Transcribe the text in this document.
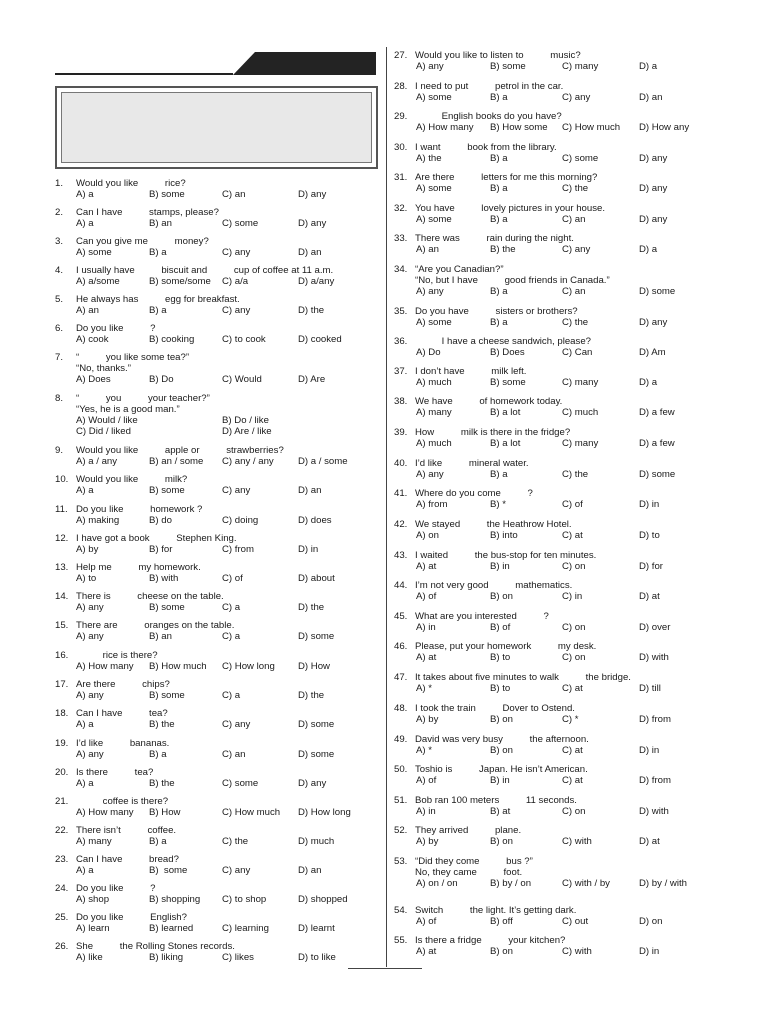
1. Would you like          rice?
A) a	B) some	C) an	D) any
2. Can I have          stamps, please?
A) a	B) an	C) some	D) any
3. Can you give me          money?
A) some	B) a	C) any	D) an
4. I usually have          biscuit and          cup of coffee at 11 a.m.
A) a/some	B) some/some C) a/a	D) a/any
5. He always has          egg for breakfast.
A) an	B) a	C) any	D) the
6. Do you like          ?
A) cook	B) cooking	C) to cook	D) cooked
7. “          you like some tea?”
“No, thanks.”
A) Does	B) Do	C) Would	D) Are
8. “          you          your teacher?”
“Yes, he is a good man.”
A) Would / like	B) Do / like
C) Did / liked	D) Are / like
9. Would you like          apple or          strawberries?
A) a / any	B) an / some C) any / any	D) a / some
10. Would you like          milk?
A) a	B) some	C) any	D) an
11. Do you like          homework ?
A) making	B) do	C) doing	D) does
12. I have got a book          Stephen King.
A) by	B) for	C) from	D) in
13. Help me          my homework.
A) to	B) with	C) of	D) about
14. There is          cheese on the table.
A) any	B) some	C) a	D) the
15. There are          oranges on the table.
A) any	B) an	C) a	D) some
16. rice is there?
A) How many B) How much C) How long D) How
17. Are there          chips?
A) any	B) some	C) a	D) the
18. Can I have          tea?
A) a	B) the	C) any	D) some
19. I’d like          bananas.
A) any	B) a	C) an	D) some
20. Is there          tea?
A) a	B) the	C) some	D) any
21. coffee is there?
A) How many B) How	C) How much D) How long
22. There isn’t          coffee.
A) many	B) a	C) the	D) much
23. Can I have          bread?
A) a	B)  some	C) any	D) an
24. Do you like          ?
A) shop	B) shopping C) to shop	D) shopped
25. Do you like          English?
A) learn	B) learned	C) learning	D) learnt
26. She          the Rolling Stones records.
A) like	B) liking	C) likes	D) to like
27. Would you like to listen to          music?
A) any	B) some	C) many	D) a
28. I need to put          petrol in the car.
A) some	B) a	C) any	D) an
29. English books do you have?
A) How many B) How some C) How much D) How any
30. I want          book from the library.
A) the	B) a	C) some	D) any
31. Are there          letters for me this morning?
A) some	B) a	C) the	D) any
32. You have          lovely pictures in your house.
A) some	B) a	C) an	D) any
33. There was          rain during the night.
A) an	B) the	C) any	D) a
34. “Are you Canadian?”
“No, but I have          good friends in Canada.”
A) any	B) a	C) an	D) some
35. Do you have          sisters or brothers?
A) some	B) a	C) the	D) any
36. I have a cheese sandwich, please?
A) Do	B) Does	C) Can	D) Am
37. I don’t have          milk left.
A) much	B) some	C) many	D) a
38. We have          of homework today.
A) many	B) a lot	C) much	D) a few
39. How          milk is there in the fridge?
A) much	B) a lot	C) many	D) a few
40. I’d like          mineral water.
A) any	B) a	C) the	D) some
41. Where do you come          ?
A) from	B) *	C) of	D) in
42. We stayed          the Heathrow Hotel.
A) on	B) into	C) at	D) to
43. I waited          the bus-stop for ten minutes.
A) at	B) in	C) on	D) for
44. I’m not very good          mathematics.
A) of	B) on	C) in	D) at
45. What are you interested          ?
A) in	B) of	C) on	D) over
46. Please, put your homework          my desk.
A) at	B) to	C) on	D) with
47. It takes about five minutes to walk          the bridge.
A) *	B) to	C) at	D) till
48. I took the train          Dover to Ostend.
A) by	B) on	C) *	D) from
49. David was very busy          the afternoon.
A) *	B) on	C) at	D) in
50. Toshio is          Japan. He isn’t American.
A) of	B) in	C) at	D) from
51. Bob ran 100 meters          11 seconds.
A) in	B) at	C) on	D) with
52. They arrived          plane.
A) by	B) on	C) with	D) at
53. “Did they come          bus ?”
No, they came          foot.
A) on / on	B) by / on	C) with / by	D) by / with
54. Switch          the light. It’s getting dark.
A) of	B) off	C) out	D) on
55. Is there a fridge          your kitchen?
A) at	B) on	C) with	D) in
